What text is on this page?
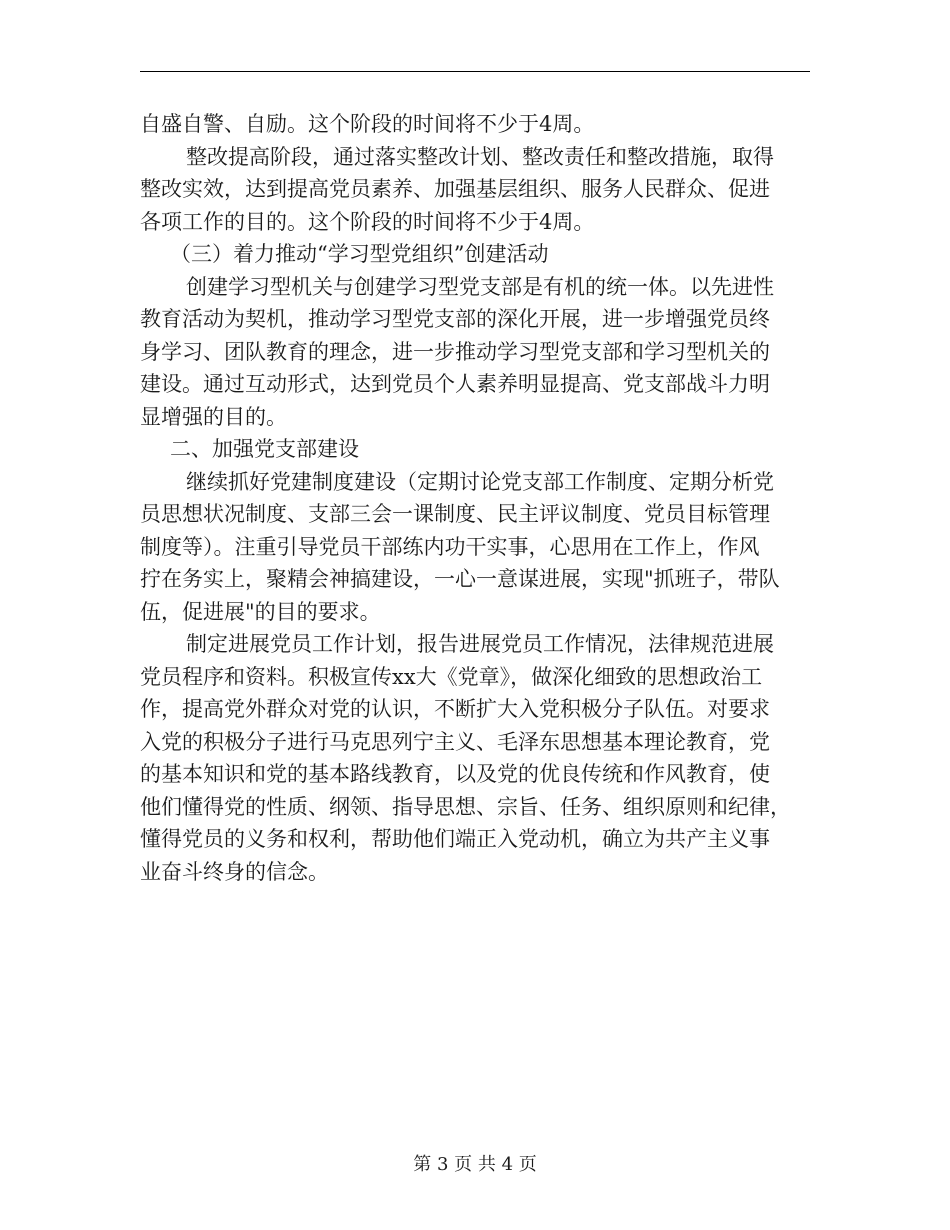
自盛自警、自励。这个阶段的时间将不少于4周。
整改提高阶段，通过落实整改计划、整改责任和整改措施，取得
整改实效，达到提高党员素养、加强基层组织、服务人民群众、促进
各项工作的目的。这个阶段的时间将不少于4周。
（三）着力推动“学习型党组织”创建活动
创建学习型机关与创建学习型党支部是有机的统一体。以先进性
教育活动为契机，推动学习型党支部的深化开展，进一步增强党员终
身学习、团队教育的理念，进一步推动学习型党支部和学习型机关的
建设。通过互动形式，达到党员个人素养明显提高、党支部战斗力明
显增强的目的。
二、加强党支部建设
继续抓好党建制度建设（定期讨论党支部工作制度、定期分析党
员思想状况制度、支部三会一课制度、民主评议制度、党员目标管理
制度等）。注重引导党员干部练内功干实事，心思用在工作上，作风
拧在务实上，聚精会神搞建设，一心一意谋进展，实现"抓班子，带队
伍，促进展"的目的要求。
制定进展党员工作计划，报告进展党员工作情况，法律规范进展
党员程序和资料。积极宣传xx大《党章》，做深化细致的思想政治工
作，提高党外群众对党的认识，不断扩大入党积极分子队伍。对要求
入党的积极分子进行马克思列宁主义、毛泽东思想基本理论教育，党
的基本知识和党的基本路线教育，以及党的优良传统和作风教育，使
他们懂得党的性质、纲领、指导思想、宗旨、任务、组织原则和纪律，
懂得党员的义务和权利，帮助他们端正入党动机，确立为共产主义事
业奋斗终身的信念。
第 3 页 共 4 页
